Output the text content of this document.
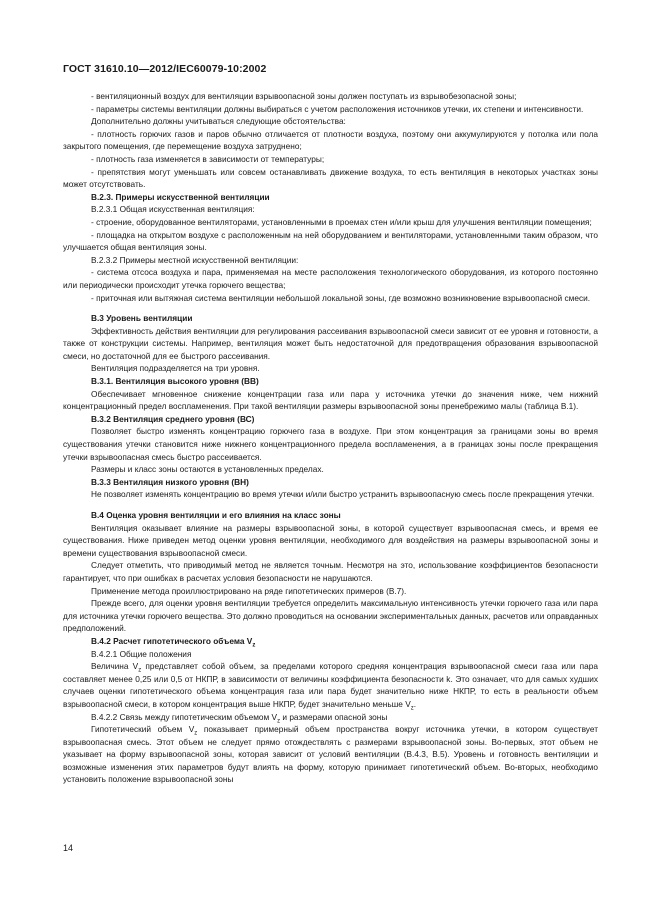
ГОСТ 31610.10—2012/IEC60079-10:2002

- вентиляционный воздух для вентиляции взрывоопасной зоны должен поступать из взрывобезопасной зоны;

- параметры системы вентиляции должны выбираться с учетом расположения источников утечки, их степени и интенсивности.

Дополнительно должны учитываться следующие обстоятельства:

- плотность горючих газов и паров обычно отличается от плотности воздуха, поэтому они аккумулируются у потолка или пола закрытого помещения, где перемещение воздуха затруднено;

- плотность газа изменяется в зависимости от температуры;

- препятствия могут уменьшать или совсем останавливать движение воздуха, то есть вентиляция в некоторых участках зоны может отсутствовать.

B.2.3. Примеры искусственной вентиляции

B.2.3.1 Общая искусственная вентиляция:

- строение, оборудованное вентиляторами, установленными в проемах стен и/или крыш для улучшения вентиляции помещения;

- площадка на открытом воздухе с расположенным на ней оборудованием и вентиляторами, установленными таким образом, что улучшается общая вентиляция зоны.

B.2.3.2 Примеры местной искусственной вентиляции:

- система отсоса воздуха и пара, применяемая на месте расположения технологического оборудования, из которого постоянно или периодически происходит утечка горючего вещества;

- приточная или вытяжная система вентиляции небольшой локальной зоны, где возможно возникновение взрывоопасной смеси.

B.3 Уровень вентиляции

Эффективность действия вентиляции для регулирования рассеивания взрывоопасной смеси зависит от ее уровня и готовности, а также от конструкции системы. Например, вентиляция может быть недостаточной для предотвращения образования взрывоопасной смеси, но достаточной для ее быстрого рассеивания.

Вентиляция подразделяется на три уровня.

B.3.1. Вентиляция высокого уровня (ВВ)

Обеспечивает мгновенное снижение концентрации газа или пара у источника утечки до значения ниже, чем нижний концентрационный предел воспламенения. При такой вентиляции размеры взрывоопасной зоны пренебрежимо малы (таблица B.1).

B.3.2 Вентиляция среднего уровня (ВС)

Позволяет быстро изменять концентрацию горючего газа в воздухе. При этом концентрация за границами зоны во время существования утечки становится ниже нижнего концентрационного предела воспламенения, а в границах зоны после прекращения утечки взрывоопасная смесь быстро рассеивается.

Размеры и класс зоны остаются в установленных пределах.

B.3.3 Вентиляция низкого уровня (ВН)

Не позволяет изменять концентрацию во время утечки и/или быстро устранить взрывоопасную смесь после прекращения утечки.

B.4 Оценка уровня вентиляции и его влияния на класс зоны

Вентиляция оказывает влияние на размеры взрывоопасной зоны, в которой существует взрывоопасная смесь, и время ее существования. Ниже приведен метод оценки уровня вентиляции, необходимого для воздействия на размеры взрывоопасной зоны и времени существования взрывоопасной смеси.

Следует отметить, что приводимый метод не является точным. Несмотря на это, использование коэффициентов безопасности гарантирует, что при ошибках в расчетах условия безопасности не нарушаются.

Применение метода проиллюстрировано на ряде гипотетических примеров (B.7).

Прежде всего, для оценки уровня вентиляции требуется определить максимальную интенсивность утечки горючего газа или пара для источника утечки горючего вещества. Это должно проводиться на основании экспериментальных данных, расчетов или оправданных предположений.

B.4.2 Расчет гипотетического объема $V_z$

B.4.2.1 Общие положения

Величина $V_z$ представляет собой объем, за пределами которого средняя концентрация взрывоопасной смеси газа или пара составляет менее 0,25 или 0,5 от НКПР, в зависимости от величины коэффициента безопасности k. Это означает, что для самых худших случаев оценки гипотетического объема концентрация газа или пара будет значительно ниже НКПР, то есть в реальности объем взрывоопасной смеси, в котором концентрация выше НКПР, будет значительно меньше $V_z$.

B.4.2.2 Связь между гипотетическим объемом $V_z$ и размерами опасной зоны

Гипотетический объем $V_z$ показывает примерный объем пространства вокруг источника утечки, в котором существует взрывоопасная смесь. Этот объем не следует прямо отождествлять с размерами взрывоопасной зоны. Во-первых, этот объем не указывает на форму взрывоопасной зоны, которая зависит от условий вентиляции (B.4.3, B.5). Уровень и готовность вентиляции и возможные изменения этих параметров будут влиять на форму, которую принимает гипотетический объем. Во-вторых, необходимо установить положение взрывоопасной зоны

14
